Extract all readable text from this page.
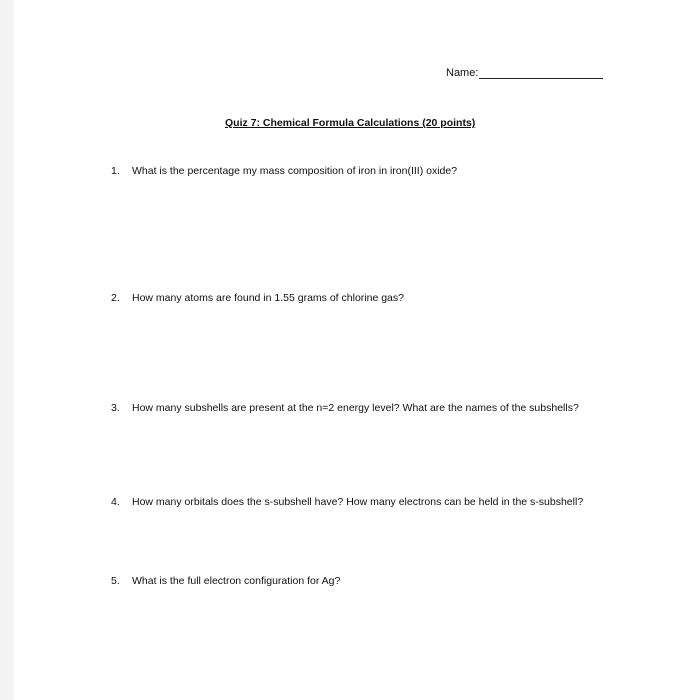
Name:
Quiz 7: Chemical Formula Calculations (20 points)
1. What is the percentage my mass composition of iron in iron(III) oxide?
2. How many atoms are found in 1.55 grams of chlorine gas?
3. How many subshells are present at the n=2 energy level? What are the names of the subshells?
4. How many orbitals does the s-subshell have? How many electrons can be held in the s-subshell?
5. What is the full electron configuration for Ag?
